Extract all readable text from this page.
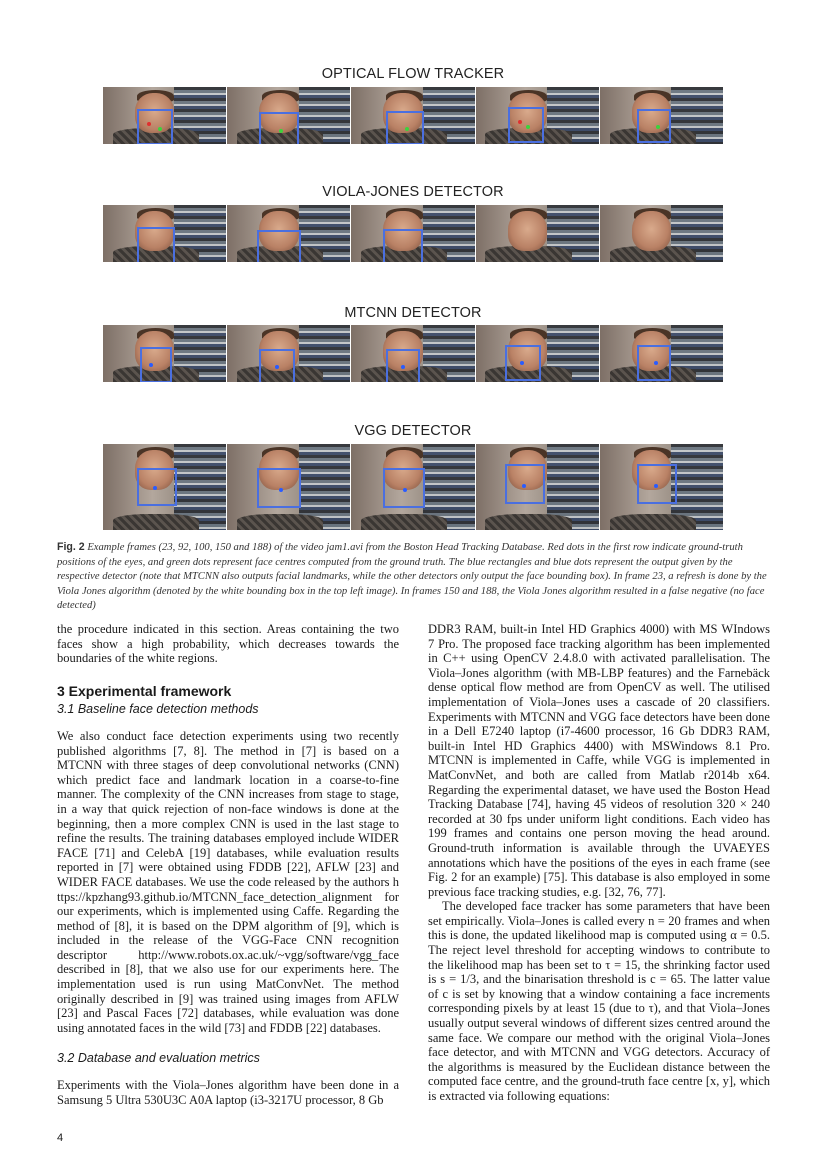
OPTICAL FLOW TRACKER
VIOLA-JONES DETECTOR
MTCNN DETECTOR
VGG DETECTOR
Fig. 2 Example frames (23, 92, 100, 150 and 188) of the video jam1.avi from the Boston Head Tracking Database. Red dots in the first row indicate ground-truth positions of the eyes, and green dots represent face centres computed from the ground truth. The blue rectangles and blue dots represent the output given by the respective detector (note that MTCNN also outputs facial landmarks, while the other detectors only output the face bounding box). In frame 23, a refresh is done by the Viola Jones algorithm (denoted by the white bounding box in the top left image). In frames 150 and 188, the Viola Jones algorithm resulted in a false negative (no face detected)

the procedure indicated in this section. Areas containing the two faces show a high probability, which decreases towards the boundaries of the white regions.

3 Experimental framework
3.1 Baseline face detection methods

We also conduct face detection experiments using two recently published algorithms [7, 8]. The method in [7] is based on a MTCNN with three stages of deep convolutional networks (CNN) which predict face and landmark location in a coarse-to-fine manner. The complexity of the CNN increases from stage to stage, in a way that quick rejection of non-face windows is done at the beginning, then a more complex CNN is used in the last stage to refine the results. The training databases employed include WIDER FACE [71] and CelebA [19] databases, while evaluation results reported in [7] were obtained using FDDB [22], AFLW [23] and WIDER FACE databases. We use the code released by the authors https://kpzhang93.github.io/MTCNN_face_detection_alignment for our experiments, which is implemented using Caffe. Regarding the method of [8], it is based on the DPM algorithm of [9], which is included in the release of the VGG-Face CNN recognition descriptor http://www.robots.ox.ac.uk/~vgg/software/vgg_face described in [8], that we also use for our experiments here. The implementation used is run using MatConvNet. The method originally described in [9] was trained using images from AFLW [23] and Pascal Faces [72] databases, while evaluation was done using annotated faces in the wild [73] and FDDB [22] databases.

3.2 Database and evaluation metrics

Experiments with the Viola–Jones algorithm have been done in a Samsung 5 Ultra 530U3C A0A laptop (i3-3217U processor, 8 Gb

DDR3 RAM, built-in Intel HD Graphics 4000) with MS WIndows 7 Pro. The proposed face tracking algorithm has been implemented in C++ using OpenCV 2.4.8.0 with activated parallelisation. The Viola–Jones algorithm (with MB-LBP features) and the Farnebäck dense optical flow method are from OpenCV as well. The utilised implementation of Viola–Jones uses a cascade of 20 classifiers. Experiments with MTCNN and VGG face detectors have been done in a Dell E7240 laptop (i7-4600 processor, 16 Gb DDR3 RAM, built-in Intel HD Graphics 4400) with MSWindows 8.1 Pro. MTCNN is implemented in Caffe, while VGG is implemented in MatConvNet, and both are called from Matlab r2014b x64. Regarding the experimental dataset, we have used the Boston Head Tracking Database [74], having 45 videos of resolution 320 × 240 recorded at 30 fps under uniform light conditions. Each video has 199 frames and contains one person moving the head around. Ground-truth information is available through the UVAEYES annotations which have the positions of the eyes in each frame (see Fig. 2 for an example) [75]. This database is also employed in some previous face tracking studies, e.g. [32, 76, 77].

The developed face tracker has some parameters that have been set empirically. Viola–Jones is called every n = 20 frames and when this is done, the updated likelihood map is computed using α = 0.5. The reject level threshold for accepting windows to contribute to the likelihood map has been set to τ = 15, the shrinking factor used is s = 1/3, and the binarisation threshold is c = 65. The latter value of c is set by knowing that a window containing a face increments corresponding pixels by at least 15 (due to τ), and that Viola–Jones usually output several windows of different sizes centred around the same face. We compare our method with the original Viola–Jones face detector, and with MTCNN and VGG detectors. Accuracy of the algorithms is measured by the Euclidean distance between the computed face centre, and the ground-truth face centre [x, y], which is extracted via following equations:

4
